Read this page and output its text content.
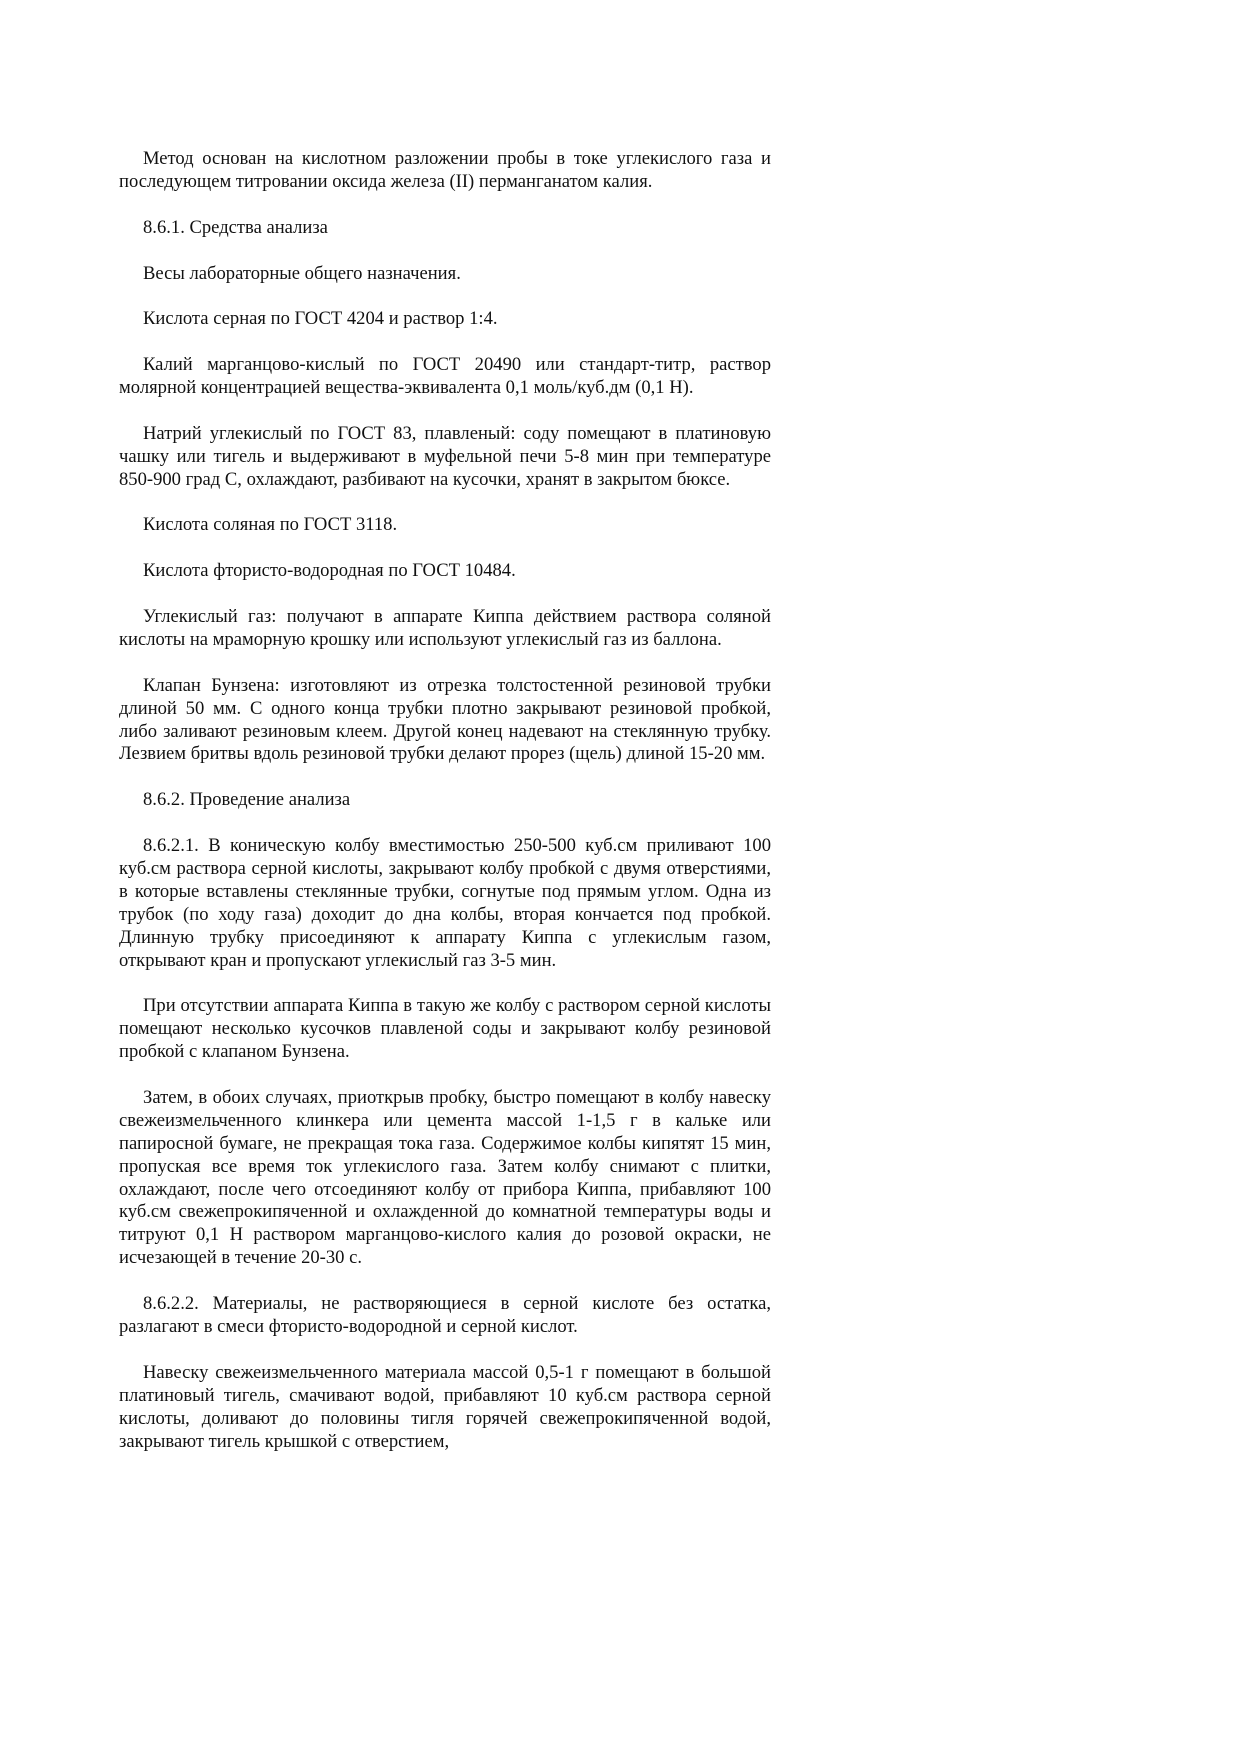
Метод основан на кислотном разложении пробы в токе углекислого газа и последующем титровании оксида железа (II) перманганатом калия.

8.6.1. Средства анализа

Весы лабораторные общего назначения.

Кислота серная по ГОСТ 4204 и раствор 1:4.

Калий марганцово-кислый по ГОСТ 20490 или стандарт-титр, раствор молярной концентрацией вещества-эквивалента 0,1 моль/куб.дм (0,1 Н).

Натрий углекислый по ГОСТ 83, плавленый: соду помещают в платиновую чашку или тигель и выдерживают в муфельной печи 5-8 мин при температуре 850-900 град С, охлаждают, разбивают на кусочки, хранят в закрытом бюксе.

Кислота соляная по ГОСТ 3118.

Кислота фтористо-водородная по ГОСТ 10484.

Углекислый газ: получают в аппарате Киппа действием раствора соляной кислоты на мраморную крошку или используют углекислый газ из баллона.

Клапан Бунзена: изготовляют из отрезка толстостенной резиновой трубки длиной 50 мм. С одного конца трубки плотно закрывают резиновой пробкой, либо заливают резиновым клеем. Другой конец надевают на стеклянную трубку. Лезвием бритвы вдоль резиновой трубки делают прорез (щель) длиной 15-20 мм.

8.6.2. Проведение анализа

8.6.2.1. В коническую колбу вместимостью 250-500 куб.см приливают 100 куб.см раствора серной кислоты, закрывают колбу пробкой с двумя отверстиями, в которые вставлены стеклянные трубки, согнутые под прямым углом. Одна из трубок (по ходу газа) доходит до дна колбы, вторая кончается под пробкой. Длинную трубку присоединяют к аппарату Киппа с углекислым газом, открывают кран и пропускают углекислый газ 3-5 мин.

При отсутствии аппарата Киппа в такую же колбу с раствором серной кислоты помещают несколько кусочков плавленой соды и закрывают колбу резиновой пробкой с клапаном Бунзена.

Затем, в обоих случаях, приоткрыв пробку, быстро помещают в колбу навеску свежеизмельченного клинкера или цемента массой 1-1,5 г в кальке или папиросной бумаге, не прекращая тока газа. Содержимое колбы кипятят 15 мин, пропуская все время ток углекислого газа. Затем колбу снимают с плитки, охлаждают, после чего отсоединяют колбу от прибора Киппа, прибавляют 100 куб.см свежепрокипяченной и охлажденной до комнатной температуры воды и титруют 0,1 Н раствором марганцово-кислого калия до розовой окраски, не исчезающей в течение 20-30 с.

8.6.2.2. Материалы, не растворяющиеся в серной кислоте без остатка, разлагают в смеси фтористо-водородной и серной кислот.

Навеску свежеизмельченного материала массой 0,5-1 г помещают в большой платиновый тигель, смачивают водой, прибавляют 10 куб.см раствора серной кислоты, доливают до половины тигля горячей свежепрокипяченной водой, закрывают тигель крышкой с отверстием,
